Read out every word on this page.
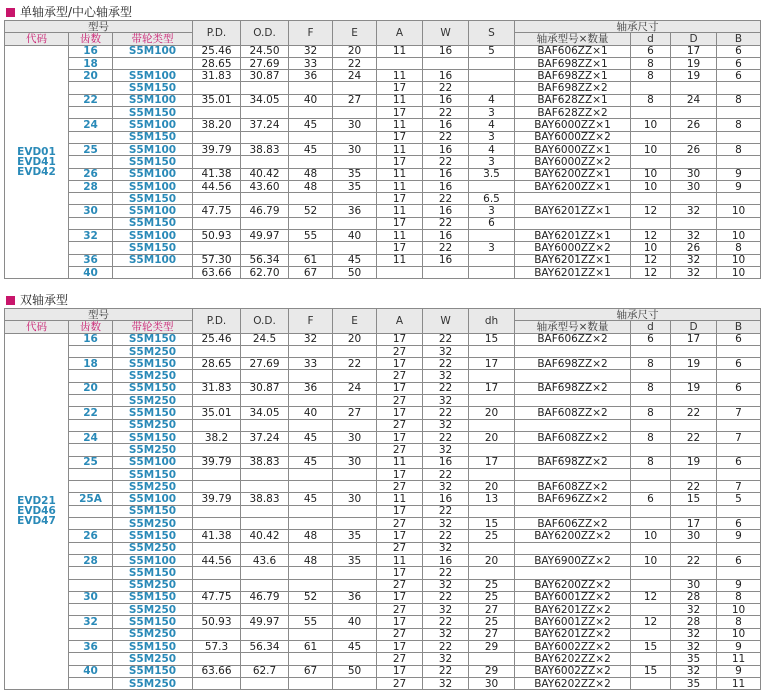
单轴承型/中心轴承型
型号			P.D.	O.D.	F	E	A	W	S	轴承尺寸			
代码	齿数	带轮类型								轴承型号×数量	d	D	B

EVD01
EVD41
EVD42	16	S5M100	25.46	24.50	32	20	11	16	5	BAF606ZZ×1	6	17	6
	18		28.65	27.69	33	22				BAF698ZZ×1	8	19	6
	20	S5M100	31.83	30.87	36	24	11	16		BAF698ZZ×1	8	19	6
		S5M150					17	22		BAF698ZZ×2			
	22	S5M100	35.01	34.05	40	27	11	16	4	BAF628ZZ×1	8	24	8
		S5M150					17	22	3	BAF628ZZ×2			
	24	S5M100	38.20	37.24	45	30	11	16	4	BAY6000ZZ×1	10	26	8
		S5M150					17	22	3	BAY6000ZZ×2			
	25	S5M100	39.79	38.83	45	30	11	16	4	BAY6000ZZ×1	10	26	8
		S5M150					17	22	3	BAY6000ZZ×2			
	26	S5M100	41.38	40.42	48	35	11	16	3.5	BAY6200ZZ×1	10	30	9
	28	S5M100	44.56	43.60	48	35	11	16		BAY6200ZZ×1	10	30	9
		S5M150					17	22	6.5				
	30	S5M100	47.75	46.79	52	36	11	16	3	BAY6201ZZ×1	12	32	10
		S5M150					17	22	6				
	32	S5M100	50.93	49.97	55	40	11	16		BAY6201ZZ×1	12	32	10
		S5M150					17	22	3	BAY6000ZZ×2	10	26	8
	36	S5M100	57.30	56.34	61	45	11	16		BAY6201ZZ×1	12	32	10
	40		63.66	62.70	67	50				BAY6201ZZ×1	12	32	10
双轴承型
型号			P.D.	O.D.	F	E	A	W	dh	轴承尺寸			
代码	齿数	带轮类型								轴承型号×数量	d	D	B

EVD21
EVD46
EVD47	16	S5M150	25.46	24.5	32	20	17	22	15	BAF606ZZ×2	6	17	6
		S5M250					27	32					
	18	S5M150	28.65	27.69	33	22	17	22	17	BAF698ZZ×2	8	19	6
		S5M250					27	32					
	20	S5M150	31.83	30.87	36	24	17	22	17	BAF698ZZ×2	8	19	6
		S5M250					27	32					
	22	S5M150	35.01	34.05	40	27	17	22	20	BAF608ZZ×2	8	22	7
		S5M250					27	32					
	24	S5M150	38.2	37.24	45	30	17	22	20	BAF608ZZ×2	8	22	7
		S5M250					27	32					
	25	S5M100	39.79	38.83	45	30	11	16	17	BAF698ZZ×2	8	19	6
		S5M150					17	22					
		S5M250					27	32	20	BAF608ZZ×2		22	7
	25A	S5M100	39.79	38.83	45	30	11	16	13	BAF696ZZ×2	6	15	5
		S5M150					17	22					
		S5M250					27	32	15	BAF606ZZ×2		17	6
	26	S5M150	41.38	40.42	48	35	17	22	25	BAY6200ZZ×2	10	30	9
		S5M250					27	32					
	28	S5M100	44.56	43.6	48	35	11	16	20	BAY6900ZZ×2	10	22	6
		S5M150					17	22					
		S5M250					27	32	25	BAY6200ZZ×2		30	9
	30	S5M150	47.75	46.79	52	36	17	22	25	BAY6001ZZ×2	12	28	8
		S5M250					27	32	27	BAY6201ZZ×2		32	10
	32	S5M150	50.93	49.97	55	40	17	22	25	BAY6001ZZ×2	12	28	8
		S5M250					27	32	27	BAY6201ZZ×2		32	10
	36	S5M150	57.3	56.34	61	45	17	22	29	BAY6002ZZ×2	15	32	9
		S5M250					27	32		BAY6202ZZ×2		35	11
	40	S5M150	63.66	62.7	67	50	17	22	29	BAY6002ZZ×2	15	32	9
		S5M250					27	32	30	BAY6202ZZ×2		35	11
